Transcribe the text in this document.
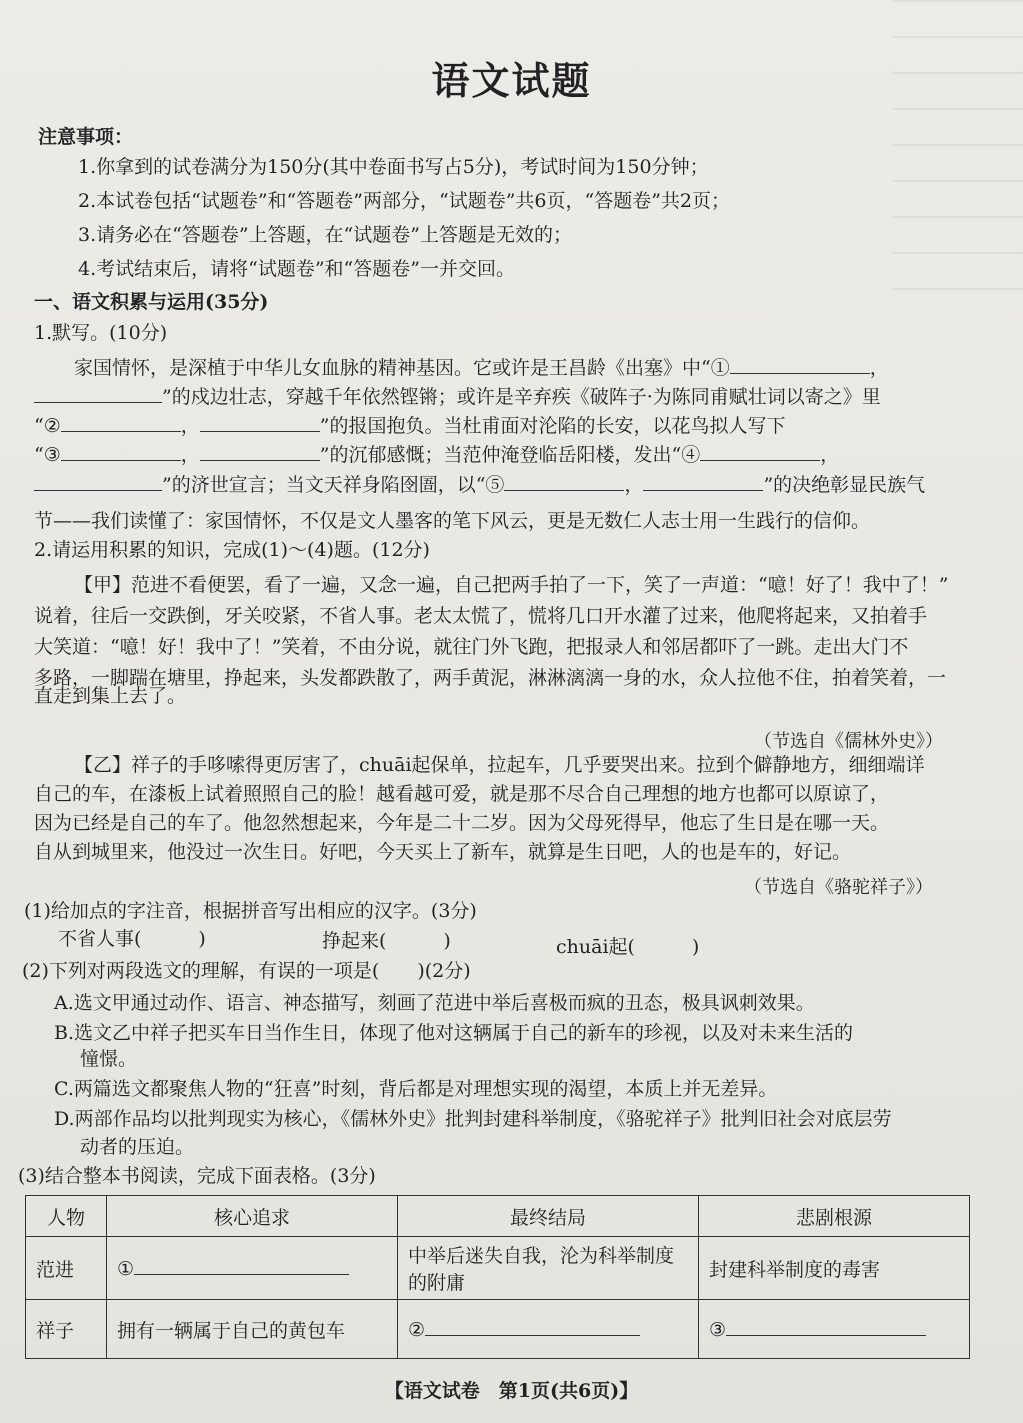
语文试题
注意事项：
1.你拿到的试卷满分为150分(其中卷面书写占5分)，考试时间为150分钟；
2.本试卷包括“试题卷”和“答题卷”两部分，“试题卷”共6页，“答题卷”共2页；
3.请务必在“答题卷”上答题，在“试题卷”上答题是无效的；
4.考试结束后，请将“试题卷”和“答题卷”一并交回。
一、语文积累与运用(35分)
1.默写。(10分)
家国情怀，是深植于中华儿女血脉的精神基因。它或许是王昌龄《出塞》中“①	，
”的戍边壮志，穿越千年依然铿锵；或许是辛弃疾《破阵子·为陈同甫赋壮词以寄之》里
“②	，	”的报国抱负。当杜甫面对沦陷的长安，以花鸟拟人写下
“③	，	”的沉郁感慨；当范仲淹登临岳阳楼，发出“④	，
”的济世宣言；当文天祥身陷囹圄，以“⑤	，	”的决绝彰显民族气
节——我们读懂了：家国情怀，不仅是文人墨客的笔下风云，更是无数仁人志士用一生践行的信仰。
2.请运用积累的知识，完成(1)～(4)题。(12分)
【甲】范进不看便罢，看了一遍，又念一遍，自己把两手拍了一下，笑了一声道：“噫！好了！我中了！”
说着，往后一交跌倒，牙关咬紧，不省人事。老太太慌了，慌将几口开水灌了过来，他爬将起来，又拍着手
大笑道：“噫！好！我中了！”笑着，不由分说，就往门外飞跑，把报录人和邻居都吓了一跳。走出大门不
多路，一脚踹在塘里，挣起来，头发都跌散了，两手黄泥，淋淋漓漓一身的水，众人拉他不住，拍着笑着，一
直走到集上去了。
（节选自《儒林外史》）
【乙】祥子的手哆嗦得更厉害了，chuāi起保单，拉起车，几乎要哭出来。拉到个僻静地方，细细端详
自己的车，在漆板上试着照照自己的脸！越看越可爱，就是那不尽合自己理想的地方也都可以原谅了，
因为已经是自己的车了。他忽然想起来，今年是二十二岁。因为父母死得早，他忘了生日是在哪一天。
自从到城里来，他没过一次生日。好吧，今天买上了新车，就算是生日吧，人的也是车的，好记。
（节选自《骆驼祥子》）
(1)给加点的字注音，根据拼音写出相应的汉字。(3分)
不省人事(　　　)	挣起来(　　　)	chuāi起(　　　)
(2)下列对两段选文的理解，有误的一项是(　　)(2分)
A.选文甲通过动作、语言、神态描写，刻画了范进中举后喜极而疯的丑态，极具讽刺效果。
B.选文乙中祥子把买车日当作生日，体现了他对这辆属于自己的新车的珍视，以及对未来生活的
憧憬。
C.两篇选文都聚焦人物的“狂喜”时刻，背后都是对理想实现的渴望，本质上并无差异。
D.两部作品均以批判现实为核心，《儒林外史》批判封建科举制度，《骆驼祥子》批判旧社会对底层劳
动者的压迫。
(3)结合整本书阅读，完成下面表格。(3分)
人物	核心追求	最终结局	悲剧根源
范进	①	中举后迷失自我，沦为科举制度的附庸	封建科举制度的毒害
祥子	拥有一辆属于自己的黄包车	②	③
【语文试卷　第1页(共6页)】
